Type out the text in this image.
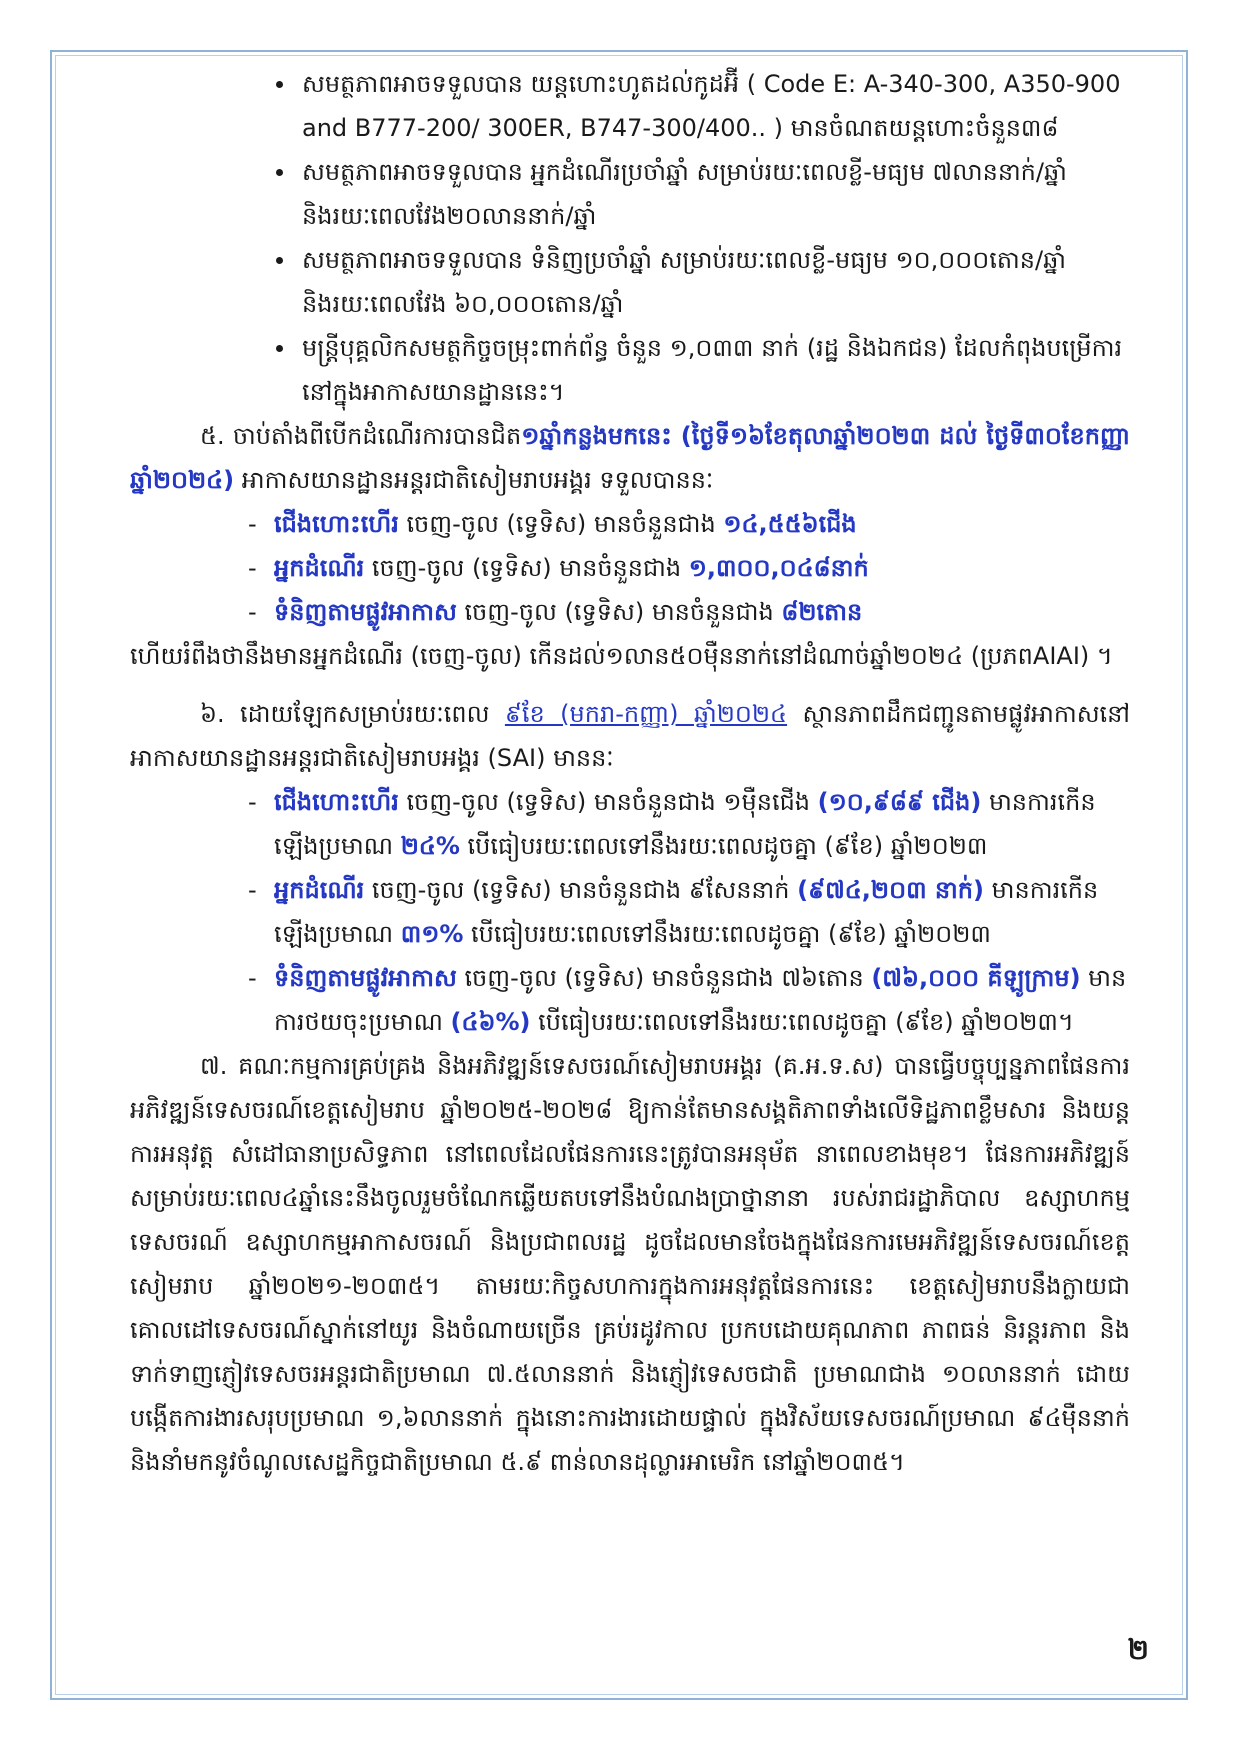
សមត្ថភាពអាចទទួលបាន យន្តហោះហូតដល់កូដអ៊ី ( Code E: A-340-300, A350-900 and B777-200/ 300ER, B747-300/400.. ) មានចំណតយន្តហោះចំនួន៣៨
សមត្ថភាពអាចទទួលបាន អ្នកដំណើរប្រចាំឆ្នាំ សម្រាប់រយៈពេលខ្លី-មធ្យម ៧លាននាក់/ឆ្នាំ និងរយៈពេលវែង២០លាននាក់/ឆ្នាំ
សមត្ថភាពអាចទទួលបាន ទំនិញប្រចាំឆ្នាំ សម្រាប់រយៈពេលខ្លី-មធ្យម ១០,០០០តោន/ឆ្នាំ និងរយៈពេលវែង ៦០,០០០តោន/ឆ្នាំ
មន្ត្រីបុគ្គលិកសមត្ថកិច្ចចម្រុះពាក់ព័ន្ធ ចំនួន ១,០៣៣ នាក់ (រដ្ឋ និងឯកជន) ដែលកំពុងបម្រើការនៅក្នុងអាកាសយានដ្ឋាននេះ។

៥. ចាប់តាំងពីបើកដំណើរការបានជិត១ឆ្នាំកន្លងមកនេះ (ថ្ងៃទី១៦ខែតុលាឆ្នាំ២០២៣ ដល់ ថ្ងៃទី៣០ខែកញ្ញា ឆ្នាំ២០២៤) អាកាសយានដ្ឋានអន្តរជាតិសៀមរាបអង្គរ ទទួលបាននៈ

- ជើងហោះហើរ ចេញ-ចូល (ទ្វេទិស) មានចំនួនជាង ១៤,៥៥៦ជើង
- អ្នកដំណើរ ចេញ-ចូល (ទ្វេទិស) មានចំនួនជាង ១,៣០០,០៤៨នាក់
- ទំនិញតាមផ្លូវអាកាស ចេញ-ចូល (ទ្វេទិស) មានចំនួនជាង ៨២តោន

ហើយរំពឹងថានឹងមានអ្នកដំណើរ (ចេញ-ចូល) កើនដល់១លាន៥០ម៉ឺននាក់នៅដំណាច់ឆ្នាំ២០២៤ (ប្រភពAIAI) ។

៦. ដោយឡែកសម្រាប់រយៈពេល ៩ខែ (មករា-កញ្ញា) ឆ្នាំ២០២៤ ស្ថានភាពដឹកជញ្ជូនតាមផ្លូវអាកាសនៅអាកាសយានដ្ឋានអន្តរជាតិសៀមរាបអង្គរ (SAI) មាននៈ

- ជើងហោះហើរ ចេញ-ចូល (ទ្វេទិស) មានចំនួនជាង ១ម៉ឺនជើង (១០,៩៨៩ ជើង) មានការកើនឡើងប្រមាណ ២៤% បើធៀបរយៈពេលទៅនឹងរយៈពេលដូចគ្នា (៩ខែ) ឆ្នាំ២០២៣
- អ្នកដំណើរ ចេញ-ចូល (ទ្វេទិស) មានចំនួនជាង ៩សែននាក់ (៩៧៤,២០៣ នាក់) មានការកើនឡើងប្រមាណ ៣១% បើធៀបរយៈពេលទៅនឹងរយៈពេលដូចគ្នា (៩ខែ) ឆ្នាំ២០២៣
- ទំនិញតាមផ្លូវអាកាស ចេញ-ចូល (ទ្វេទិស) មានចំនួនជាង ៧៦តោន (៧៦,០០០ គីឡូក្រាម) មានការថយចុះប្រមាណ (៤៦%) បើធៀបរយៈពេលទៅនឹងរយៈពេលដូចគ្នា (៩ខែ) ឆ្នាំ២០២៣។

៧. គណៈកម្មការគ្រប់គ្រង និងអភិវឌ្ឍន៍ទេសចរណ៍សៀមរាបអង្គរ (គ.អ.ទ.ស) បានធ្វើបច្ចុប្បន្នភាពផែនការអភិវឌ្ឍន៍ទេសចរណ៍ខេត្តសៀមរាប ឆ្នាំ២០២៥-២០២៨ ឱ្យកាន់តែមានសង្គតិភាពទាំងលើទិដ្ឋភាពខ្លឹមសារ និងយន្តការអនុវត្ត សំដៅធានាប្រសិទ្ធភាព នៅពេលដែលផែនការនេះត្រូវបានអនុម័ត នាពេលខាងមុខ។ ផែនការអភិវឌ្ឍន៍ សម្រាប់រយៈពេល៤ឆ្នាំនេះនឹងចូលរួមចំណែកឆ្លើយតបទៅនឹងបំណងប្រាថ្នានានា របស់រាជរដ្ឋាភិបាល ឧស្សាហកម្មទេសចរណ៍ ឧស្សាហកម្មអាកាសចរណ៍ និងប្រជាពលរដ្ឋ ដូចដែលមានចែងក្នុងផែនការមេអភិវឌ្ឍន៍ទេសចរណ៍ខេត្តសៀមរាប ឆ្នាំ២០២១-២០៣៥។ តាមរយៈកិច្ចសហការក្នុងការអនុវត្តផែនការនេះ ខេត្តសៀមរាបនឹងក្លាយជាគោលដៅទេសចរណ៍ស្នាក់នៅយូរ និងចំណាយច្រើន គ្រប់រដូវកាល ប្រកបដោយគុណភាព ភាពធន់ និរន្តរភាព និងទាក់ទាញភ្ញៀវទេសចរអន្តរជាតិប្រមាណ ៧.៥លាននាក់ និងភ្ញៀវទេសចជាតិ ប្រមាណជាង ១០លាននាក់ ដោយបង្កើតការងារសរុបប្រមាណ ១,៦លាននាក់ ក្នុងនោះការងារដោយផ្ទាល់ ក្នុងវិស័យទេសចរណ៍ប្រមាណ ៩៤ម៉ឺននាក់ និងនាំមកនូវចំណូលសេដ្ឋកិច្ចជាតិប្រមាណ ៥.៩ ពាន់លានដុល្លារអាមេរិក នៅឆ្នាំ២០៣៥។

២
